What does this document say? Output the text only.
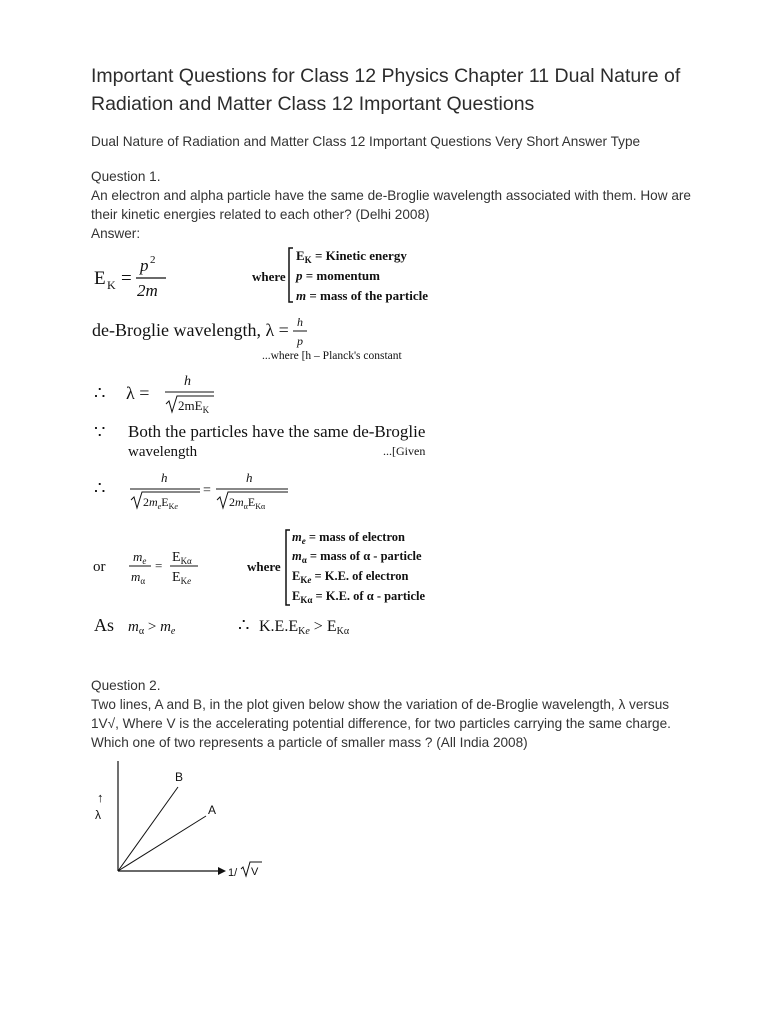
Important Questions for Class 12 Physics Chapter 11 Dual Nature of Radiation and Matter Class 12 Important Questions
Dual Nature of Radiation and Matter Class 12 Important Questions Very Short Answer Type

Question 1.

An electron and alpha particle have the same de-Broglie wavelength associated with them. How are their kinetic energies related to each other? (Delhi 2008)

Answer:

E K =
p 2
2m
where
$E_K$ = Kinetic energy
p = momentum
m = mass of the particle
de-Broglie wavelength, λ = h
p
...where [h – Planck's constant
∴ λ =
h
$2mE_K$
∵ Both the particles have the same de-Broglie
wavelength	...[Given
∴
h
$2m_eE_{Ke}$
=
h
$2m_\alpha E_{K\alpha}$
or
$m_e$
$m_\alpha$
=
$E_{K\alpha}$
$E_{Ke}$
where
$m_e$ = mass of electron
$m_\alpha$ = mass of α - particle
$E_{Ke} = K.E$. of electron
$E_{K\alpha} = K.E$. of α - particle
As $m_\alpha > m_e$	∴ K.E.EKe > EKα

Question 2.

Two lines, A and B, in the plot given below show the variation of de-Broglie wavelength, λ versus 1V√, Where V is the accelerating potential difference, for two particles carrying the same charge. Which one of two represents a particle of smaller mass ? (All India 2008)

B
A
↑
λ
1/ V
